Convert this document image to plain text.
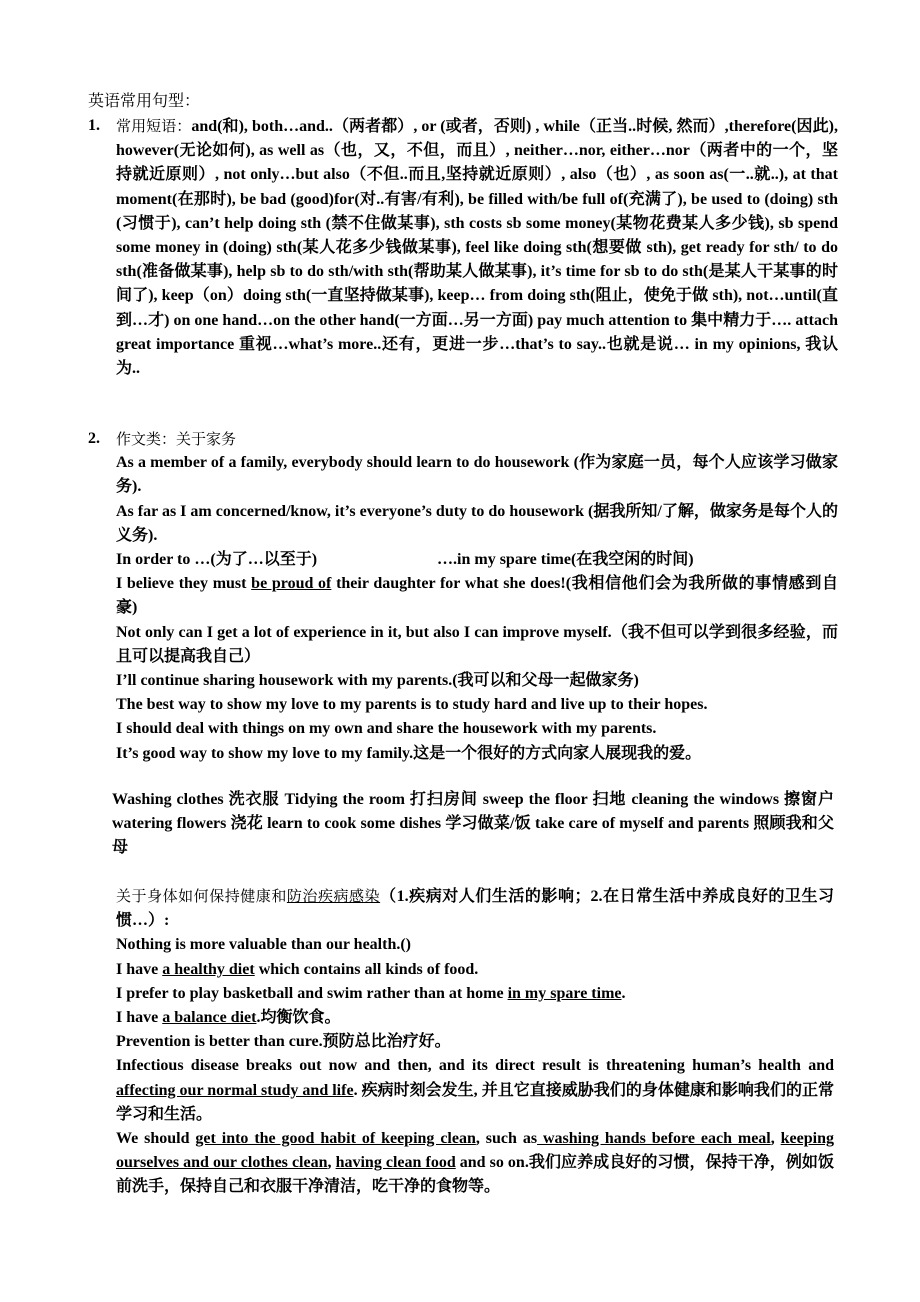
英语常用句型：
1. 常用短语：and(和), both…and..（两者都）, or (或者，否则) , while（正当..时候, 然而）,therefore(因此), however(无论如何), as well as（也，又，不但，而且）, neither…nor, either…nor（两者中的一个，坚持就近原则）, not only…but also（不但..而且,坚持就近原则）, also（也）, as soon as(一..就..), at that moment(在那时), be bad (good)for(对..有害/有利), be filled with/be full of(充满了), be used to (doing) sth (习惯于), can’t help doing sth (禁不住做某事), sth costs sb some money(某物花费某人多少钱), sb spend some money in (doing) sth(某人花多少钱做某事), feel like doing sth(想要做 sth), get ready for sth/ to do sth(准备做某事), help sb to do sth/with sth(帮助某人做某事), it’s time for sb to do sth(是某人干某事的时间了), keep（on）doing sth(一直坚持做某事), keep… from doing sth(阻止，使免于做 sth), not…until(直到…才) on one hand…on the other hand(一方面…另一方面) pay much attention to 集中精力于…. attach great importance 重视…what’s more..还有，更进一步…that’s to say..也就是说… in my opinions, 我认为..

2. 作文类：关于家务

As a member of a family, everybody should learn to do housework (作为家庭一员，每个人应该学习做家务).

As far as I am concerned/know, it’s everyone’s duty to do housework (据我所知/了解，做家务是每个人的义务).

In order to …(为了…以至于)	….in my spare time(在我空闲的时间)

I believe they must be proud of their daughter for what she does!(我相信他们会为我所做的事情感到自豪)

Not only can I get a lot of experience in it, but also I can improve myself.（我不但可以学到很多经验，而且可以提高我自己）

I’ll continue sharing housework with my parents.(我可以和父母一起做家务)

The best way to show my love to my parents is to study hard and live up to their hopes.

I should deal with things on my own and share the housework with my parents.

It’s good way to show my love to my family.这是一个很好的方式向家人展现我的爱。

Washing clothes 洗衣服 Tidying the room 打扫房间 sweep the floor 扫地 cleaning the windows 擦窗户 watering flowers 浇花 learn to cook some dishes 学习做菜/饭 take care of myself and parents 照顾我和父母

关于身体如何保持健康和防治疾病感染（1.疾病对人们生活的影响；2.在日常生活中养成良好的卫生习惯…）:

Nothing is more valuable than our health.()

I have a healthy diet which contains all kinds of food.

I prefer to play basketball and swim rather than at home in my spare time.

I have a balance diet.均衡饮食。

Prevention is better than cure.预防总比治疗好。

Infectious disease breaks out now and then, and its direct result is threatening human’s health and affecting our normal study and life. 疾病时刻会发生, 并且它直接威胁我们的身体健康和影响我们的正常学习和生活。

We should get into the good habit of keeping clean, such as washing hands before each meal, keeping ourselves and our clothes clean, having clean food and so on.我们应养成良好的习惯，保持干净，例如饭前洗手，保持自己和衣服干净清洁，吃干净的食物等。
